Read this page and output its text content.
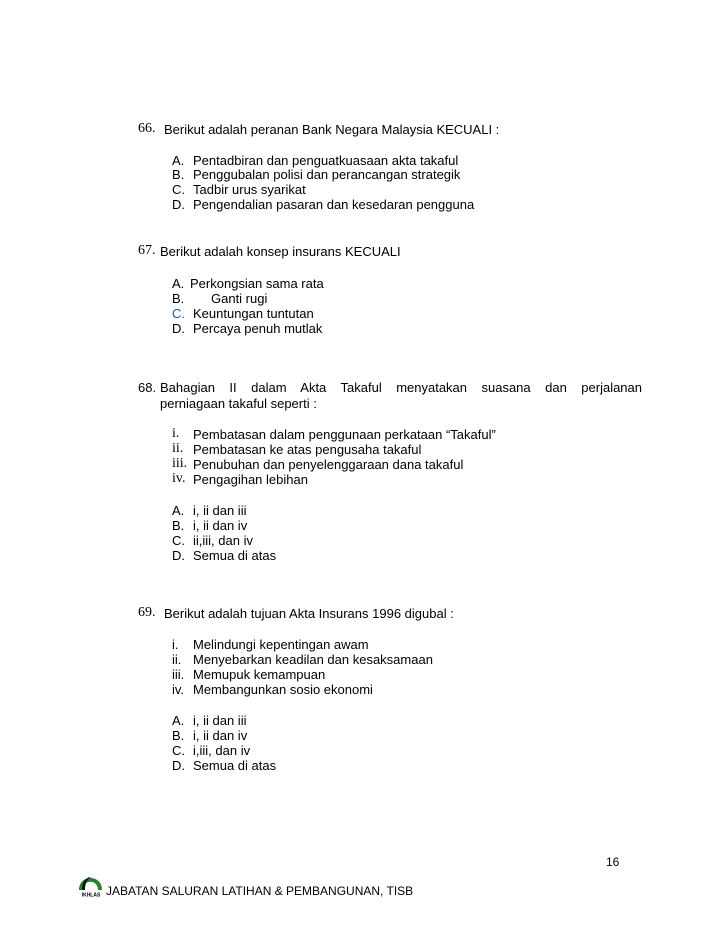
66. Berikut adalah peranan Bank Negara Malaysia KECUALI :
A. Pentadbiran dan penguatkuasaan akta takaful
B. Penggubalan polisi dan perancangan strategik
C. Tadbir urus syarikat
D. Pengendalian pasaran dan kesedaran pengguna
67. Berikut adalah konsep insurans KECUALI
A. Perkongsian sama rata
B. Ganti rugi
C. Keuntungan tuntutan
D. Percaya penuh mutlak
68. Bahagian II dalam Akta Takaful menyatakan suasana dan perjalanan
perniagaan takaful seperti :
i. Pembatasan dalam penggunaan perkataan “Takaful”
ii. Pembatasan ke atas pengusaha takaful
iii. Penubuhan dan penyelenggaraan dana takaful
iv. Pengagihan lebihan
A. i, ii dan iii
B. i, ii dan iv
C. ii,iii, dan iv
D. Semua di atas
69. Berikut adalah tujuan Akta Insurans 1996 digubal :
i. Melindungi kepentingan awam
ii. Menyebarkan keadilan dan kesaksamaan
iii. Memupuk kemampuan
iv. Membangunkan sosio ekonomi
A. i, ii dan iii
B. i, ii dan iv
C. i,iii, dan iv
D. Semua di atas
16
IKHLAS JABATAN SALURAN LATIHAN & PEMBANGUNAN, TISB
